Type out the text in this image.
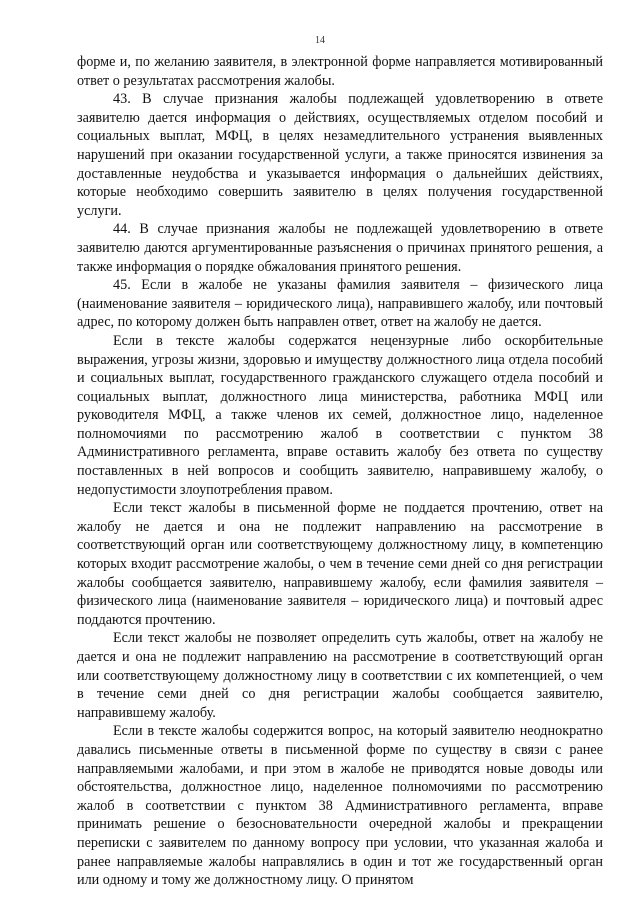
14

форме и, по желанию заявителя, в электронной форме направляется мотивированный ответ о результатах рассмотрения жалобы.

43. В случае признания жалобы подлежащей удовлетворению в ответе заявителю дается информация о действиях, осуществляемых отделом пособий и социальных выплат, МФЦ, в целях незамедлительного устранения выявленных нарушений при оказании государственной услуги, а также приносятся извинения за доставленные неудобства и указывается информация о дальнейших действиях, которые необходимо совершить заявителю в целях получения государственной услуги.

44. В случае признания жалобы не подлежащей удовлетворению в ответе заявителю даются аргументированные разъяснения о причинах принятого решения, а также информация о порядке обжалования принятого решения.

45. Если в жалобе не указаны фамилия заявителя – физического лица (наименование заявителя – юридического лица), направившего жалобу, или почтовый адрес, по которому должен быть направлен ответ, ответ на жалобу не дается.

Если в тексте жалобы содержатся нецензурные либо оскорбительные выражения, угрозы жизни, здоровью и имуществу должностного лица отдела пособий и социальных выплат, государственного гражданского служащего отдела пособий и социальных выплат, должностного лица министерства, работника МФЦ или руководителя МФЦ, а также членов их семей, должностное лицо, наделенное полномочиями по рассмотрению жалоб в соответствии с пунктом 38 Административного регламента, вправе оставить жалобу без ответа по существу поставленных в ней вопросов и сообщить заявителю, направившему жалобу, о недопустимости злоупотребления правом.

Если текст жалобы в письменной форме не поддается прочтению, ответ на жалобу не дается и она не подлежит направлению на рассмотрение в соответствующий орган или соответствующему должностному лицу, в компетенцию которых входит рассмотрение жалобы, о чем в течение семи дней со дня регистрации жалобы сообщается заявителю, направившему жалобу, если фамилия заявителя – физического лица (наименование заявителя – юридического лица) и почтовый адрес поддаются прочтению.

Если текст жалобы не позволяет определить суть жалобы, ответ на жалобу не дается и она не подлежит направлению на рассмотрение в соответствующий орган или соответствующему должностному лицу в соответствии с их компетенцией, о чем в течение семи дней со дня регистрации жалобы сообщается заявителю, направившему жалобу.

Если в тексте жалобы содержится вопрос, на который заявителю неоднократно давались письменные ответы в письменной форме по существу в связи с ранее направляемыми жалобами, и при этом в жалобе не приводятся новые доводы или обстоятельства, должностное лицо, наделенное полномочиями по рассмотрению жалоб в соответствии с пунктом 38 Административного регламента, вправе принимать решение о безосновательности очередной жалобы и прекращении переписки с заявителем по данному вопросу при условии, что указанная жалоба и ранее направляемые жалобы направлялись в один и тот же государственный орган или одному и тому же должностному лицу. О принятом
